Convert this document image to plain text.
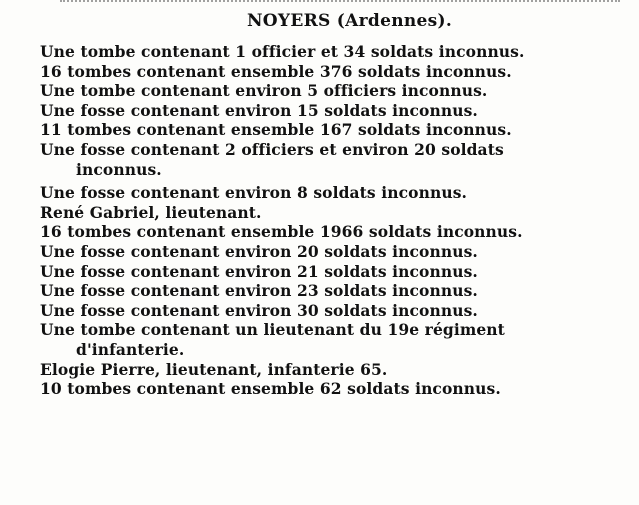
NOYERS (Ardennes).
Une tombe contenant 1 officier et 34 soldats inconnus.
16 tombes contenant ensemble 376 soldats inconnus.
Une tombe contenant environ 5 officiers inconnus.
Une fosse contenant environ 15 soldats inconnus.
11 tombes contenant ensemble 167 soldats inconnus.
Une fosse contenant 2 officiers et environ 20 soldats
inconnus.
Une fosse contenant environ 8 soldats inconnus.
René Gabriel, lieutenant.
16 tombes contenant ensemble 1966 soldats inconnus.
Une fosse contenant environ 20 soldats inconnus.
Une fosse contenant environ 21 soldats inconnus.
Une fosse contenant environ 23 soldats inconnus.
Une fosse contenant environ 30 soldats inconnus.
Une tombe contenant un lieutenant du 19e régiment
d'infanterie.
Elogie Pierre, lieutenant, infanterie 65.
10 tombes contenant ensemble 62 soldats inconnus.
